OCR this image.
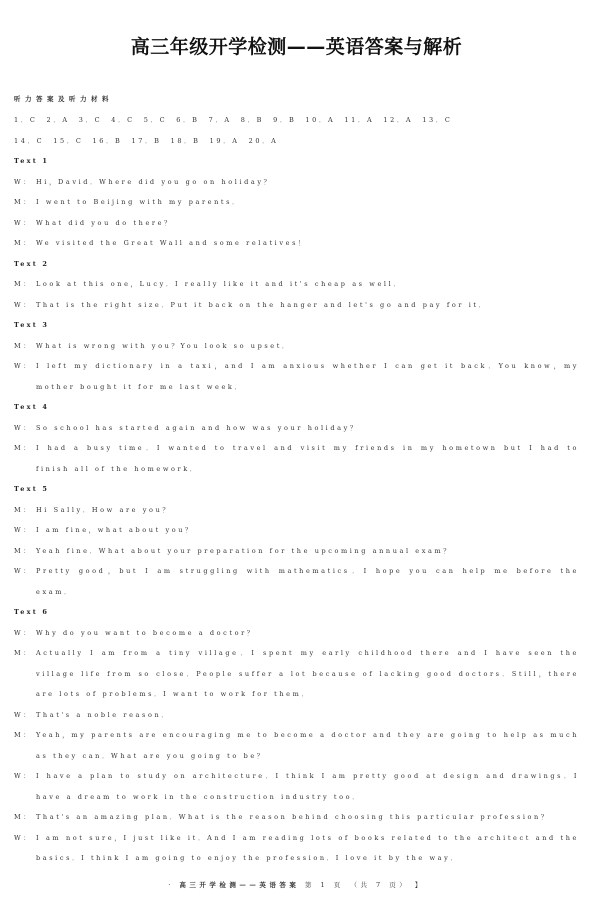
高三年级开学检测——英语答案与解析
听力答案及听力材料
1．C　2．A　3．C　4．C　5．C　6．B　7．A　8．B　9．B　10．A　11．A　12．A　13．C
14．C　15．C　16．B　17．B　18．B　19．A　20．A
Text 1
W： Hi，David．Where did you go on holiday？
M： I went to Beijing with my parents．
W： What did you do there？
M： We visited the Great Wall and some relatives！
Text 2
M： Look at this one，Lucy．I really like it and it's cheap as well．
W： That is the right size．Put it back on the hanger and let's go and pay for it．
Text 3
M： What is wrong with you？You look so upset．
W： I left my dictionary in a taxi，and I am anxious whether I can get it back．You know，my mother bought it for me last week．
Text 4
W： So school has started again and how was your holiday？
M： I had a busy time．I wanted to travel and visit my friends in my hometown but I had to finish all of the homework．
Text 5
M： Hi Sally．How are you？
W： I am fine，what about you？
M： Yeah fine．What about your preparation for the upcoming annual exam？
W： Pretty good，but I am struggling with mathematics．I hope you can help me before the exam．
Text 6
W： Why do you want to become a doctor？
M： Actually I am from a tiny village．I spent my early childhood there and I have seen the village life from so close．People suffer a lot because of lacking good doctors．Still，there are lots of problems．I want to work for them．
W： That's a noble reason．
M： Yeah，my parents are encouraging me to become a doctor and they are going to help as much as they can．What are you going to be？
W： I have a plan to study on architecture．I think I am pretty good at design and drawings．I have a dream to work in the construction industry too．
M： That's an amazing plan．What is the reason behind choosing this particular profession？
W： I am not sure，I just like it．And I am reading lots of books related to the architect and the basics．I think I am going to enjoy the profession．I love it by the way．
· 高三开学检测——英语答案 第 1 页　（共 7 页） 】
